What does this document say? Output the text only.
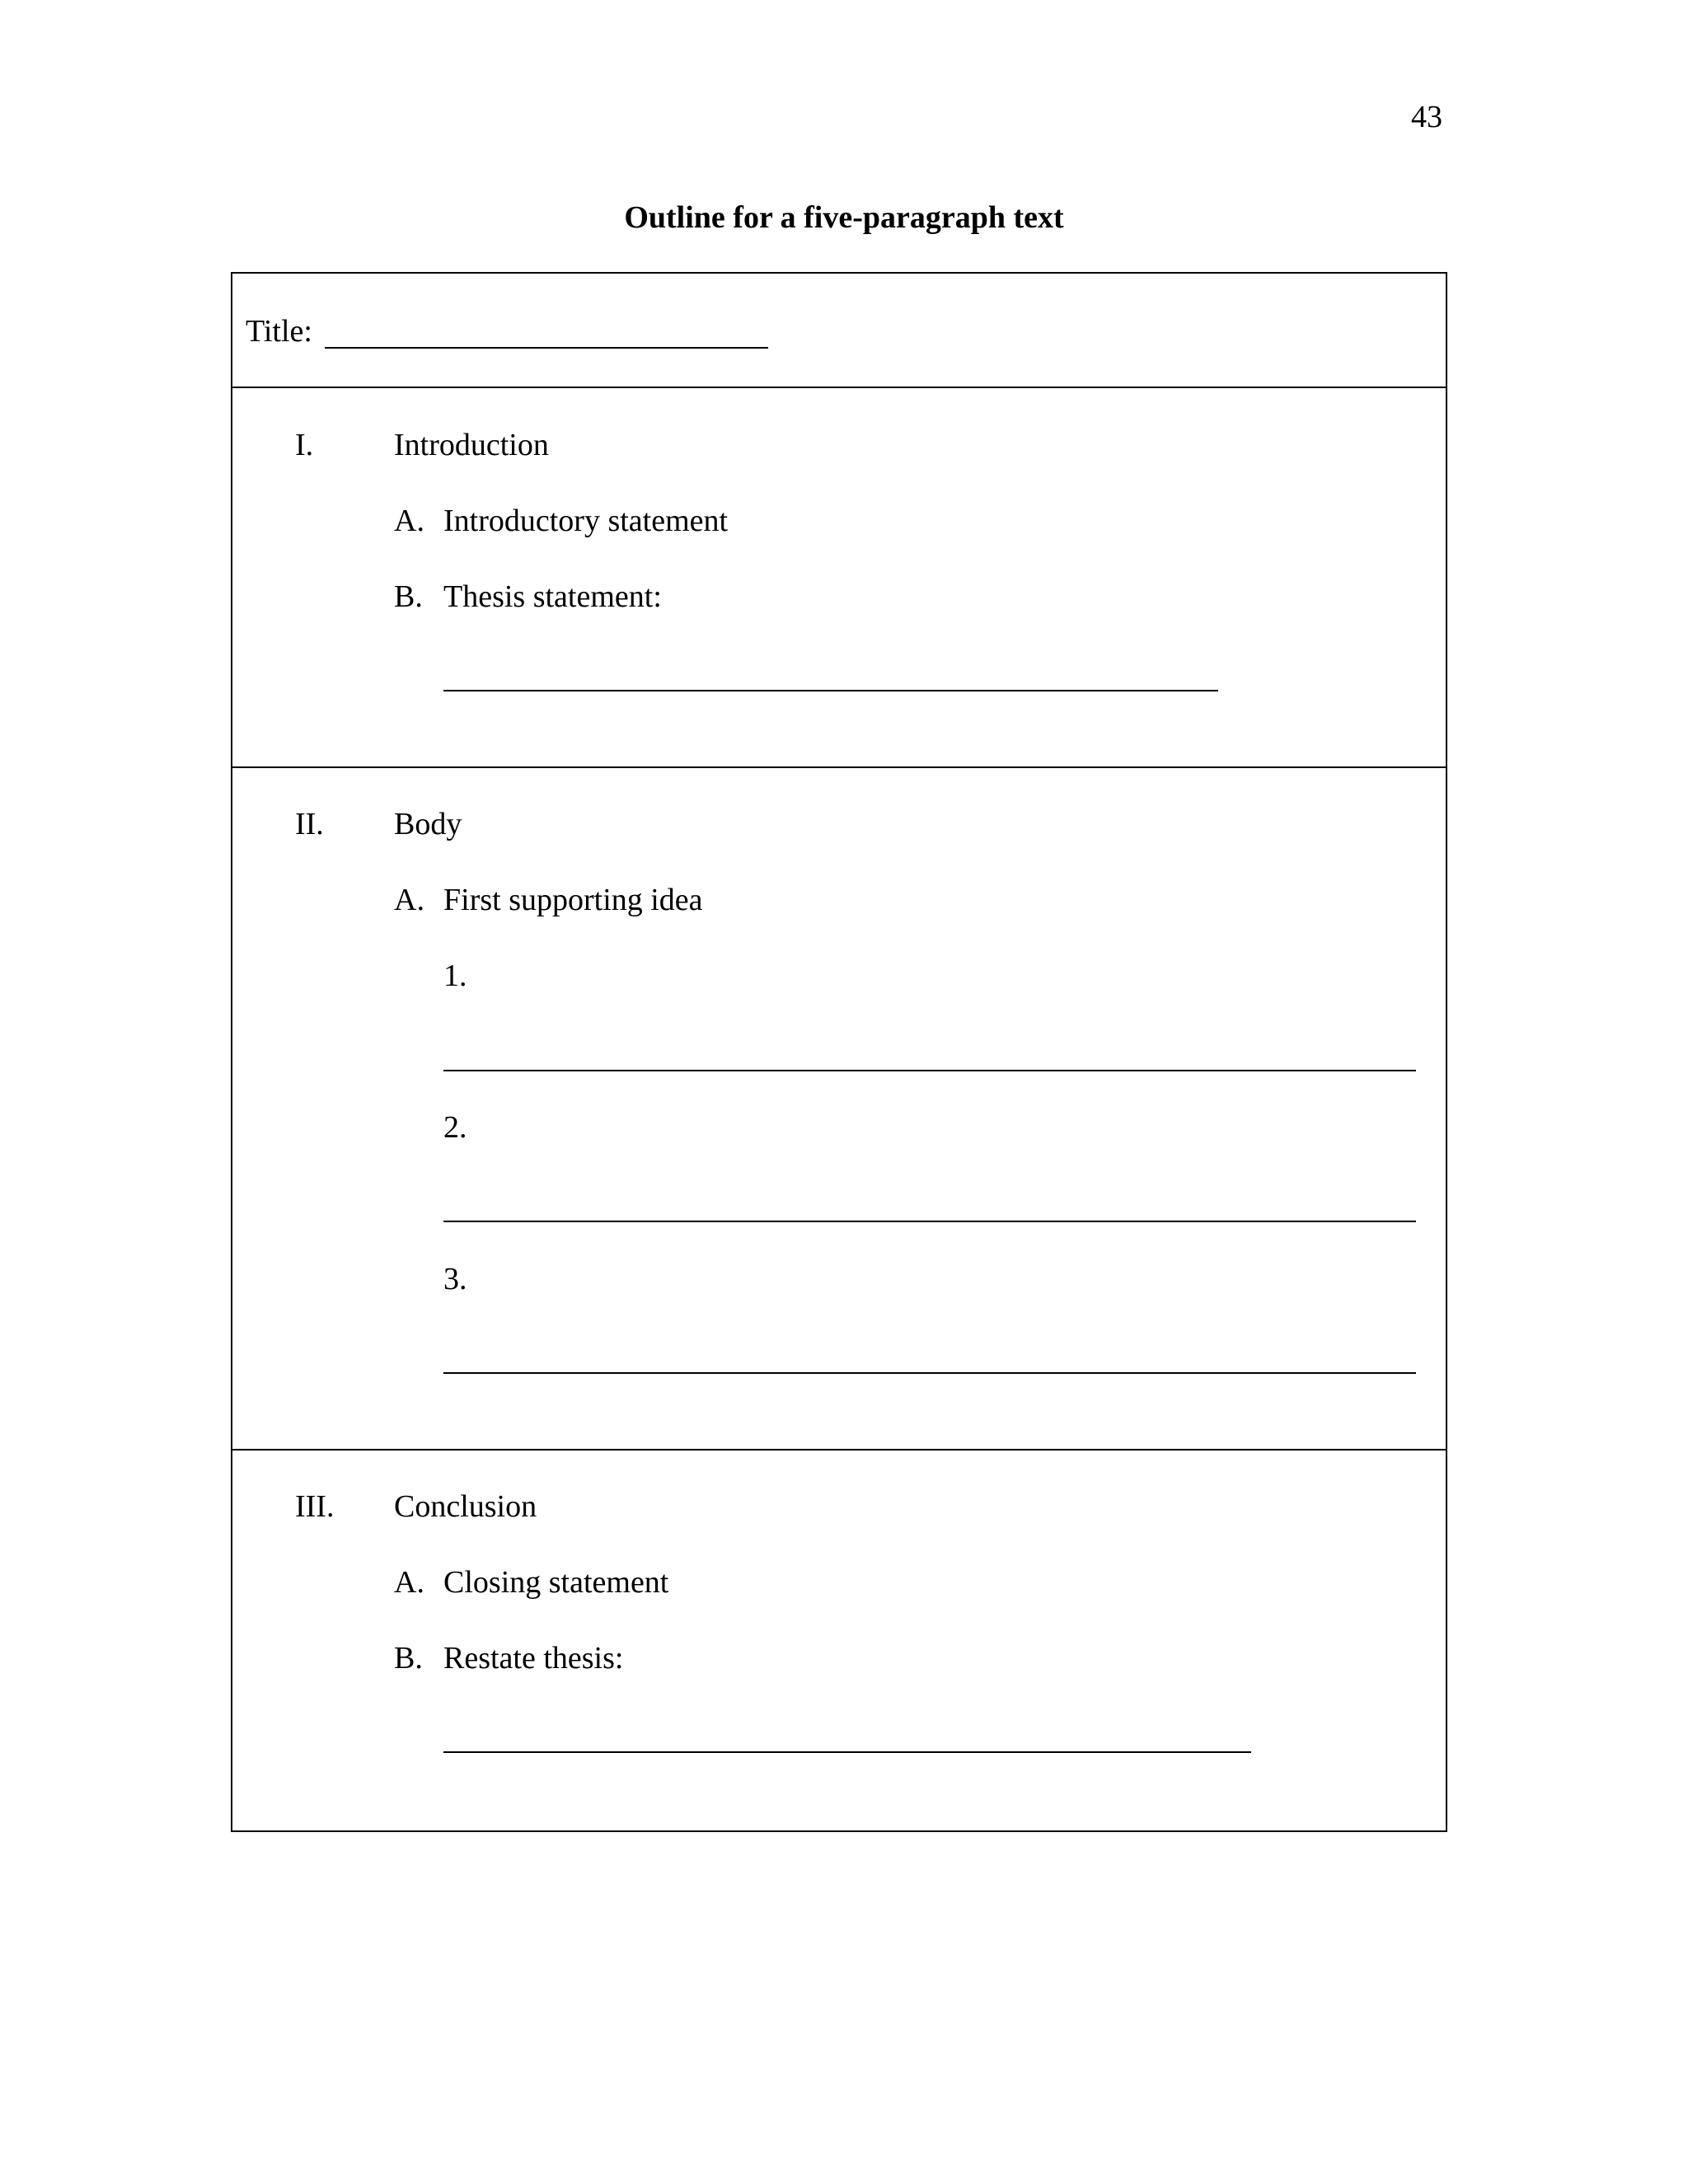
43
Outline for a five-paragraph text
Title:
I.	Introduction
A. Introductory statement
B. Thesis statement:
II. Body
A. First supporting idea
1.
2.
3.
III. Conclusion
A. Closing statement
B. Restate thesis:
